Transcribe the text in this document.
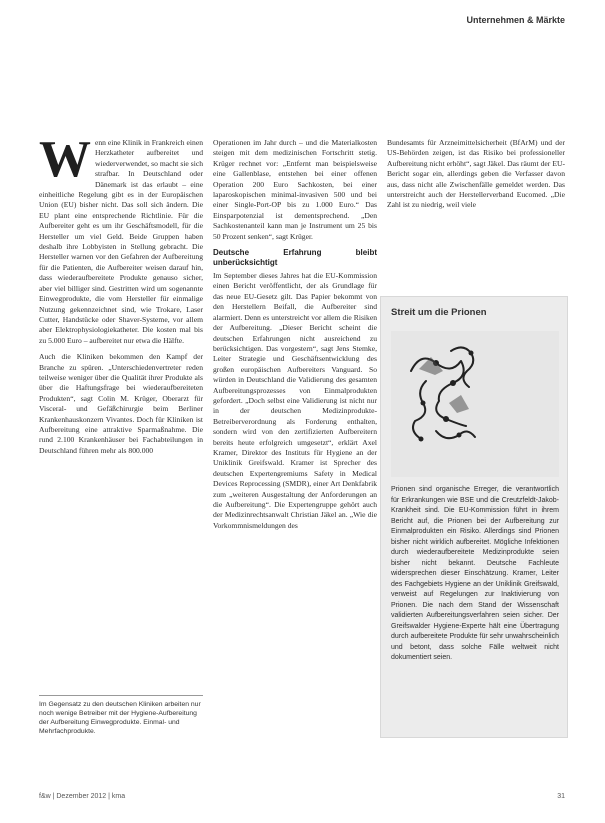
Unternehmen & Märkte

Wenn eine Klinik in Frankreich einen Herzkatheter aufbereitet und wiederverwendet, so macht sie sich strafbar. In Deutschland oder Dänemark ist das erlaubt – eine einheitliche Regelung gibt es in der Europäischen Union (EU) bisher nicht. Das soll sich ändern. Die EU plant eine entsprechende Richtlinie. Für die Aufbereiter geht es um ihr Geschäftsmodell, für die Hersteller um viel Geld. Beide Gruppen haben deshalb ihre Lobbyisten in Stellung gebracht. Die Hersteller warnen vor den Gefahren der Aufbereitung für die Patienten, die Aufbereiter weisen darauf hin, dass wiederaufbereitete Produkte genauso sicher, aber viel billiger sind. Gestritten wird um sogenannte Einwegprodukte, die vom Hersteller für einmalige Nutzung gekennzeichnet sind, wie Trokare, Laser Cutter, Handstücke oder Shaver-Systeme, vor allem aber Elektrophysiologiekatheter. Die kosten mal bis zu 5.000 Euro – aufbereitet nur etwa die Hälfte.

Auch die Kliniken bekommen den Kampf der Branche zu spüren. „Unterschiedenvertreter reden teilweise weniger über die Qualität ihrer Produkte als über die Haftungsfrage bei wiederaufbereiteten Produkten“, sagt Colin M. Krüger, Oberarzt für Visceral- und Gefäßchirurgie beim Berliner Krankenhauskonzern Vivantes. Doch für Kliniken ist Aufbereitung eine attraktive Sparmaßnahme. Die rund 2.100 Krankenhäuser bei Fachabteilungen in Deutschland führen mehr als 800.000

Operationen im Jahr durch – und die Materialkosten steigen mit dem medizinischen Fortschritt stetig. Krüger rechnet vor: „Entfernt man beispielsweise eine Gallenblase, entstehen bei einer offenen Operation 200 Euro Sachkosten, bei einer laparoskopischen minimal-invasiven 500 und bei einer Single-Port-OP bis zu 1.000 Euro.“ Das Einsparpotenzial ist dementsprechend. „Den Sachkostenanteil kann man je Instrument um 25 bis 50 Prozent senken“, sagt Krüger.

Deutsche Erfahrung bleibt unberücksichtigt

Im September dieses Jahres hat die EU-Kommission einen Bericht veröffentlicht, der als Grundlage für das neue EU-Gesetz gilt. Das Papier bekommt von den Herstellern Beifall, die Aufbereiter sind alarmiert. Denn es unterstreicht vor allem die Risiken der Aufbereitung. „Dieser Bericht scheint die deutschen Erfahrungen nicht ausreichend zu berücksichtigen. Das vorgestern“, sagt Jens Stemke, Leiter Strategie und Geschäftsentwicklung des großen europäischen Aufbereiters Vanguard. So würden in Deutschland die Validierung des gesamten Aufbereitungsprozesses von Einmalprodukten gefordert. „Doch selbst eine Validierung ist nicht nur in der deutschen Medizinprodukte-Betreiberverordnung als Forderung enthalten, sondern wird von den zertifizierten Aufbereitern bereits heute erfolgreich umgesetzt“, erklärt Axel Kramer, Direktor des Instituts für Hygiene an der Uniklinik Greifswald. Kramer ist Sprecher des deutschen Expertengremiums Safety in Medical Devices Reprocessing (SMDR), einer Art Denkfabrik zum „weiteren Ausgestaltung der Anforderungen an die Aufbereitung“. Die Expertengruppe gehört auch der Medizinrechtsanwalt Christian Jäkel an. „Wie die Vorkommnismeldungen des

Bundesamts für Arzneimittelsicherheit (BfArM) und der US-Behörden zeigen, ist das Risiko bei professioneller Aufbereitung nicht erhöht“, sagt Jäkel. Das räumt der EU-Bericht sogar ein, allerdings geben die Verfasser davon aus, dass nicht alle Zwischenfälle gemeldet werden. Das unterstreicht auch der Herstellerverband Eucomed. „Die Zahl ist zu niedrig, weil viele

Im Gegensatz zu den deutschen Kliniken arbeiten nur noch wenige Betreiber mit der Hygiene-Aufbereitung der Aufbereitung Einwegprodukte. Einmal- und Mehrfachprodukte.
Streit um die Prionen
Prionen sind organische Erreger, die verantwortlich für Erkrankungen wie BSE und die Creutzfeldt-Jakob-Krankheit sind. Die EU-Kommission führt in ihrem Bericht auf, die Prionen bei der Aufbereitung zur Einmalprodukten ein Risiko. Allerdings sind Prionen bisher nicht wirklich aufbereitet. Mögliche Infektionen durch wiederaufbereitete Medizinprodukte seien bisher nicht bekannt. Deutsche Fachleute widersprechen dieser Einschätzung. Kramer, Leiter des Fachgebiets Hygiene an der Uniklinik Greifswald, verweist auf Regelungen zur Inaktivierung von Prionen. Die nach dem Stand der Wissenschaft validierten Aufbereitungsverfahren seien sicher. Der Greifswalder Hygiene-Experte hält eine Übertragung durch aufbereitete Produkte für sehr unwahrscheinlich und betont, dass solche Fälle weltweit nicht dokumentiert seien.
f&w | Dezember 2012 | kma	31
